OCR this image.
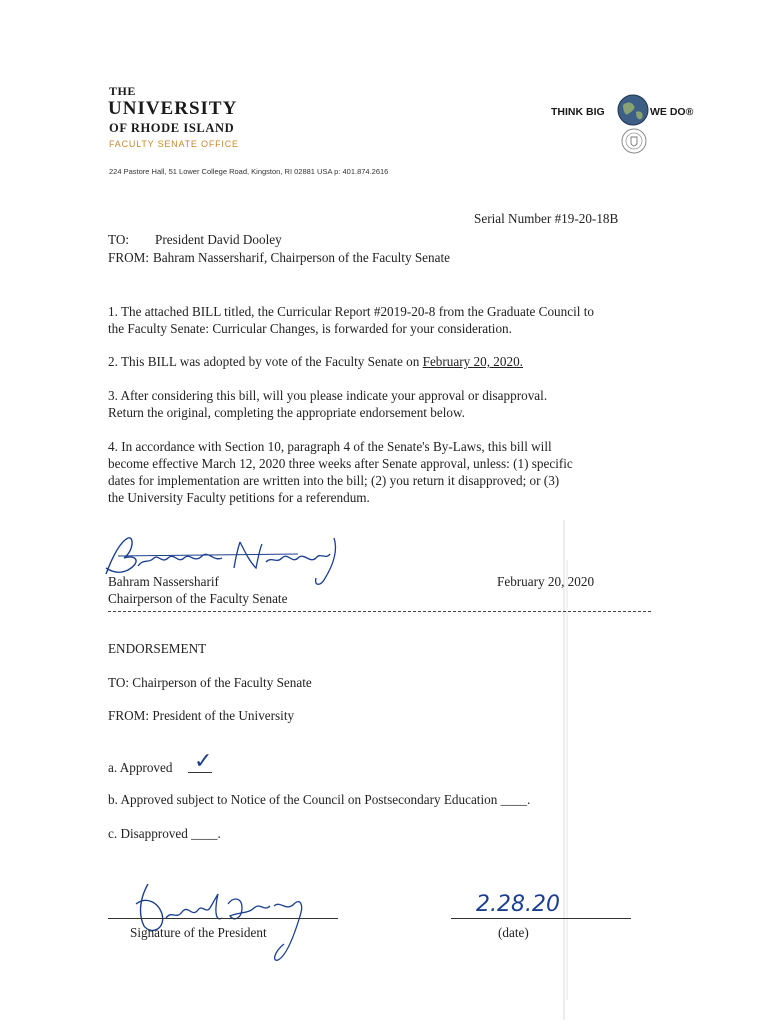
THE
UNIVERSITY
OF RHODE ISLAND
FACULTY SENATE OFFICE
224 Pastore Hall, 51 Lower College Road, Kingston, RI 02881 USA p: 401.874.2616
THINK BIG	WE DO®
Serial Number #19-20-18B
TO: President David Dooley
FROM: Bahram Nassersharif, Chairperson of the Faculty Senate
1. The attached BILL titled, the Curricular Report #2019-20-8 from the Graduate Council to
the Faculty Senate: Curricular Changes, is forwarded for your consideration.
2. This BILL was adopted by vote of the Faculty Senate on February 20, 2020.
3. After considering this bill, will you please indicate your approval or disapproval.
Return the original, completing the appropriate endorsement below.
4. In accordance with Section 10, paragraph 4 of the Senate's By-Laws, this bill will
become effective March 12, 2020 three weeks after Senate approval, unless: (1) specific
dates for implementation are written into the bill; (2) you return it disapproved; or (3)
the University Faculty petitions for a referendum.
Bahram Nassersharif
Chairperson of the Faculty Senate
February 20, 2020
ENDORSEMENT
TO: Chairperson of the Faculty Senate
FROM: President of the University
a. Approved ✓
b. Approved subject to Notice of the Council on Postsecondary Education ____.
c. Disapproved ____.
Signature of the President
2.28.20
(date)
